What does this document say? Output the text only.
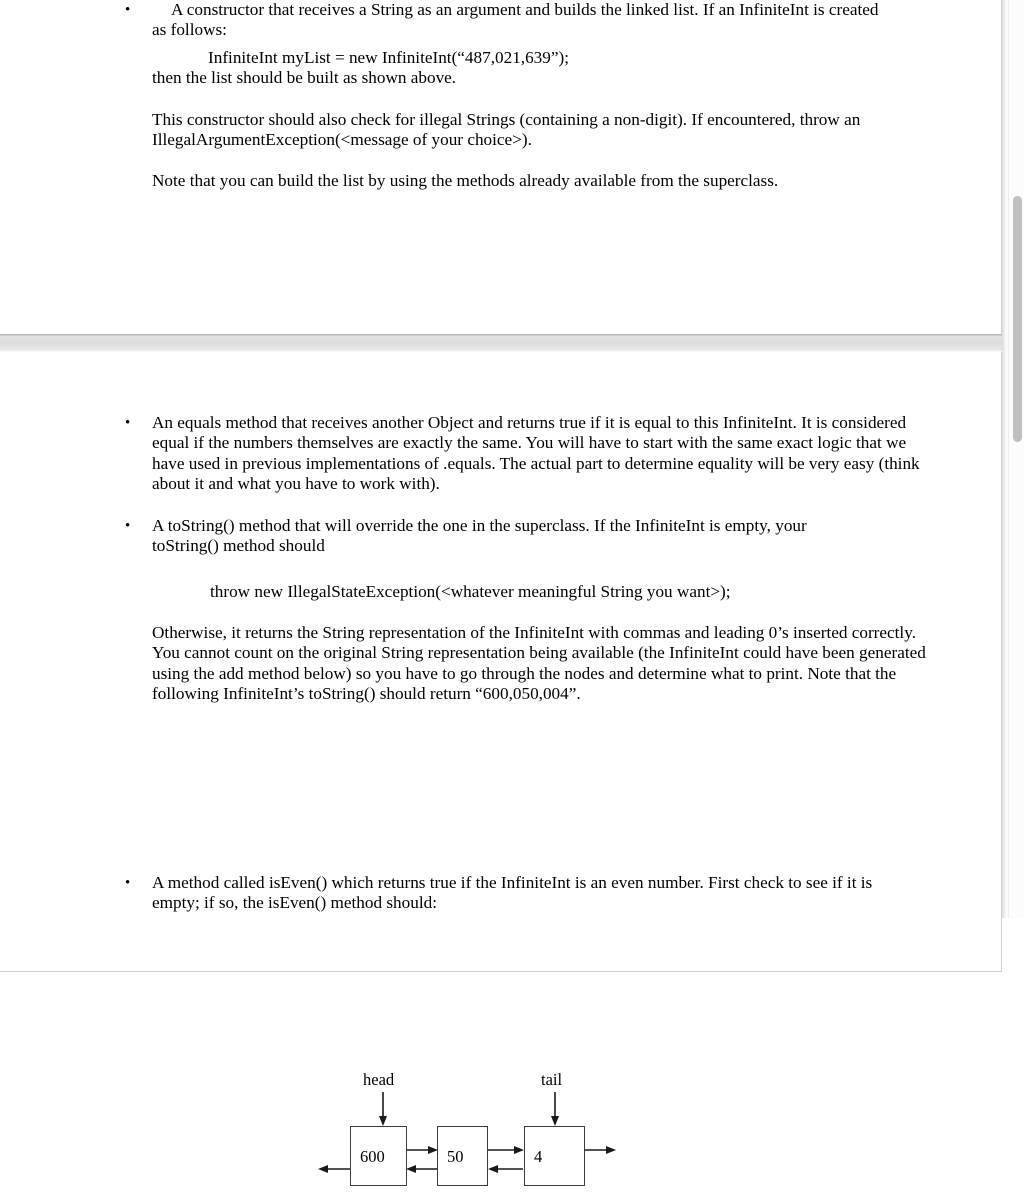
•	A constructor that receives a String as an argument and builds the linked list. If an InfiniteInt is created
as follows:
InfiniteInt myList = new InfiniteInt(“487,021,639”);
then the list should be built as shown above.
This constructor should also check for illegal Strings (containing a non-digit). If encountered, throw an IllegalArgumentException(<message of your choice>).
Note that you can build the list by using the methods already available from the superclass.
• An equals method that receives another Object and returns true if it is equal to this InfiniteInt. It is considered equal if the numbers themselves are exactly the same. You will have to start with the same exact logic that we have used in previous implementations of .equals. The actual part to determine equality will be very easy (think about it and what you have to work with).
• A toString() method that will override the one in the superclass. If the InfiniteInt is empty, your
toString() method should
throw new IllegalStateException(<whatever meaningful String you want>);
Otherwise, it returns the String representation of the InfiniteInt with commas and leading 0’s inserted correctly. You cannot count on the original String representation being available (the InfiniteInt could have been generated using the add method below) so you have to go through the nodes and determine what to print. Note that the following InfiniteInt’s toString() should return “600,050,004”.
head	tail
600	50	4
• A method called isEven() which returns true if the InfiniteInt is an even number. First check to see if it is
empty; if so, the isEven() method should:
